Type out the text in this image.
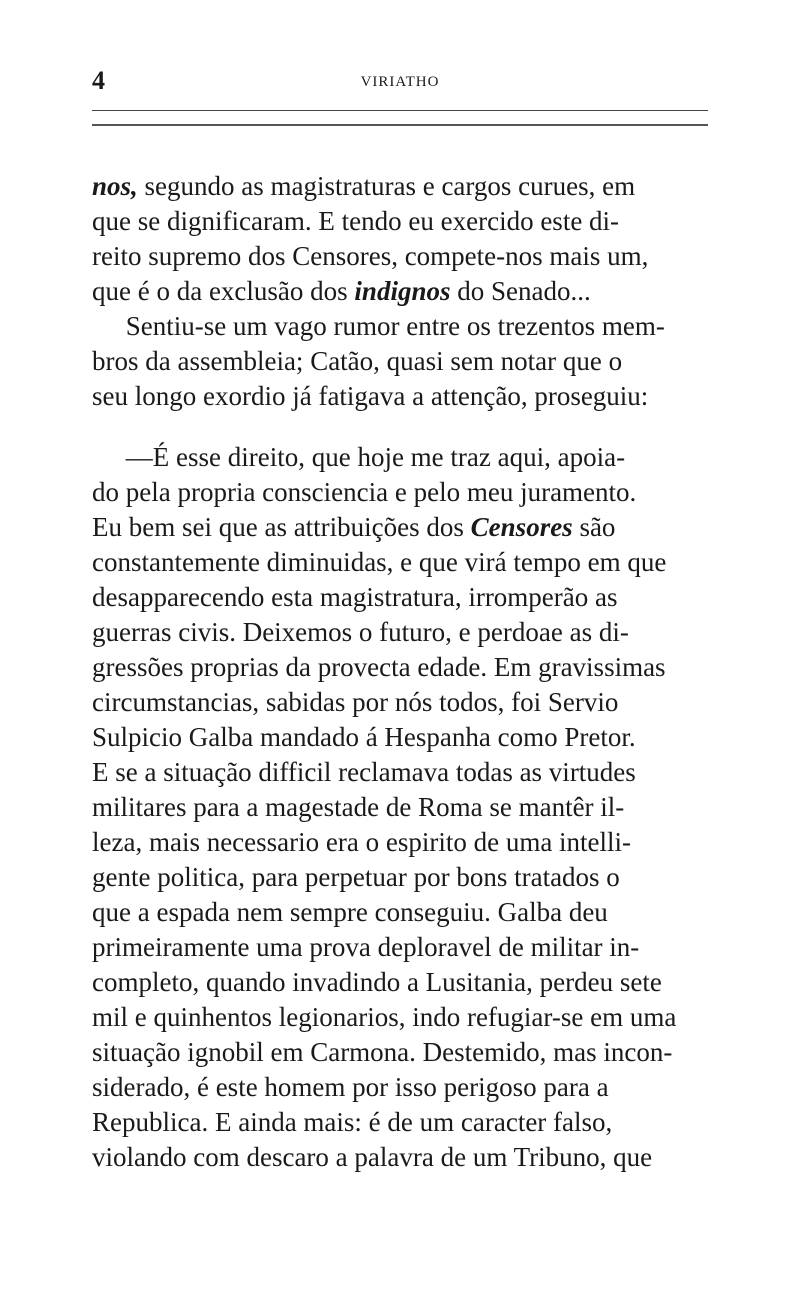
4	VIRIATHO
nos, segundo as magistraturas e cargos curues, em
que se dignificaram. E tendo eu exercido este di-
reito supremo dos Censores, compete-nos mais um,
que é o da exclusão dos indignos do Senado...
Sentiu-se um vago rumor entre os trezentos mem-
bros da assembleia; Catão, quasi sem notar que o
seu longo exordio já fatigava a attenção, proseguiu:
—É esse direito, que hoje me traz aqui, apoia-
do pela propria consciencia e pelo meu juramento.
Eu bem sei que as attribuições dos Censores são
constantemente diminuidas, e que virá tempo em que
desapparecendo esta magistratura, irromperão as
guerras civis. Deixemos o futuro, e perdoae as di-
gressões proprias da provecta edade. Em gravissimas
circumstancias, sabidas por nós todos, foi Servio
Sulpicio Galba mandado á Hespanha como Pretor.
E se a situação difficil reclamava todas as virtudes
militares para a magestade de Roma se mantêr il-
leza, mais necessario era o espirito de uma intelli-
gente politica, para perpetuar por bons tratados o
que a espada nem sempre conseguiu. Galba deu
primeiramente uma prova deploravel de militar in-
completo, quando invadindo a Lusitania, perdeu sete
mil e quinhentos legionarios, indo refugiar-se em uma
situação ignobil em Carmona. Destemido, mas incon-
siderado, é este homem por isso perigoso para a
Republica. E ainda mais: é de um caracter falso,
violando com descaro a palavra de um Tribuno, que
